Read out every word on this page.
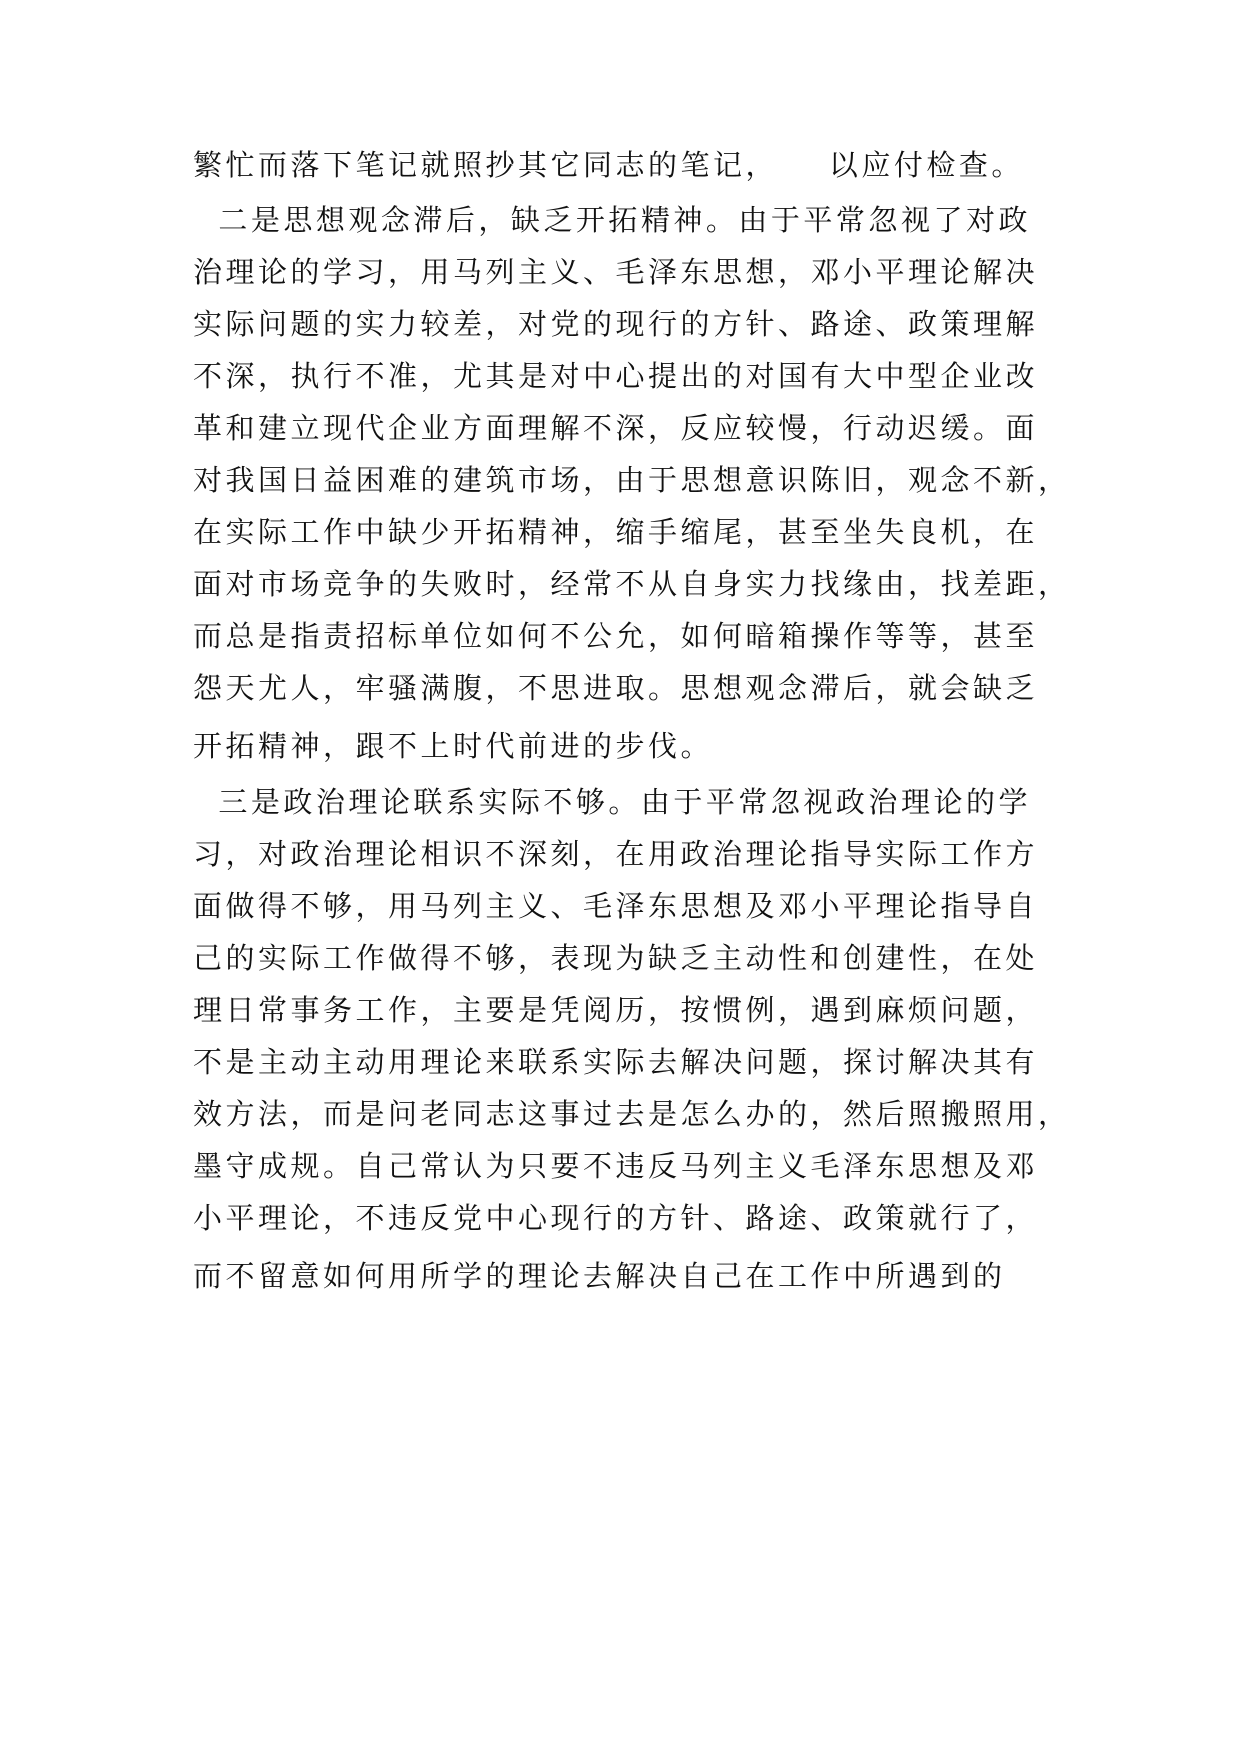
繁忙而落下笔记就照抄其它同志的笔记，    以应付检查。
二是思想观念滞后，缺乏开拓精神。由于平常忽视了对政
治理论的学习，用马列主义、毛泽东思想，邓小平理论解决
实际问题的实力较差，对党的现行的方针、路途、政策理解
不深，执行不准，尤其是对中心提出的对国有大中型企业改
革和建立现代企业方面理解不深，反应较慢，行动迟缓。面
对我国日益困难的建筑市场，由于思想意识陈旧，观念不新，
在实际工作中缺少开拓精神，缩手缩尾，甚至坐失良机，在
面对市场竞争的失败时，经常不从自身实力找缘由，找差距，
而总是指责招标单位如何不公允，如何暗箱操作等等，甚至
怨天尤人，牢骚满腹，不思进取。思想观念滞后，就会缺乏
开拓精神，跟不上时代前进的步伐。
三是政治理论联系实际不够。由于平常忽视政治理论的学
习，对政治理论相识不深刻，在用政治理论指导实际工作方
面做得不够，用马列主义、毛泽东思想及邓小平理论指导自
己的实际工作做得不够，表现为缺乏主动性和创建性，在处
理日常事务工作，主要是凭阅历，按惯例，遇到麻烦问题，
不是主动主动用理论来联系实际去解决问题，探讨解决其有
效方法，而是问老同志这事过去是怎么办的，然后照搬照用，
墨守成规。自己常认为只要不违反马列主义毛泽东思想及邓
小平理论，不违反党中心现行的方针、路途、政策就行了，
而不留意如何用所学的理论去解决自己在工作中所遇到的
